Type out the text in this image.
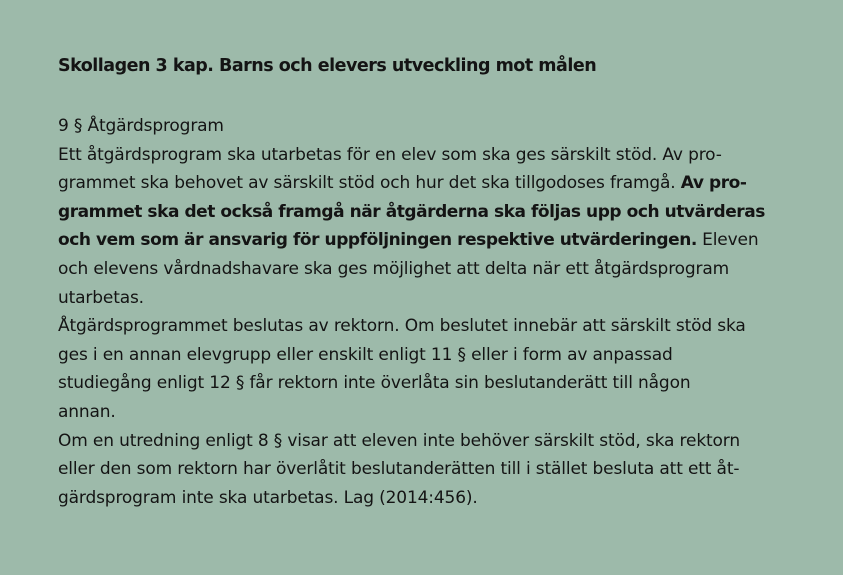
Skollagen 3 kap. Barns och elevers utveckling mot målen

9 § Åtgärdsprogram
Ett åtgärdsprogram ska utarbetas för en elev som ska ges särskilt stöd. Av pro-
grammet ska behovet av särskilt stöd och hur det ska tillgodoses framgå. Av pro-
grammet ska det också framgå när åtgärderna ska följas upp och utvärderas
och vem som är ansvarig för uppföljningen respektive utvärderingen. Eleven
och elevens vårdnadshavare ska ges möjlighet att delta när ett åtgärdsprogram
utarbetas.
Åtgärdsprogrammet beslutas av rektorn. Om beslutet innebär att särskilt stöd ska
ges i en annan elevgrupp eller enskilt enligt 11 § eller i form av anpassad
studiegång enligt 12 § får rektorn inte överlåta sin beslutanderätt till någon
annan.
Om en utredning enligt 8 § visar att eleven inte behöver särskilt stöd, ska rektorn
eller den som rektorn har överlåtit beslutanderätten till i stället besluta att ett åt-
gärdsprogram inte ska utarbetas. Lag (2014:456).
